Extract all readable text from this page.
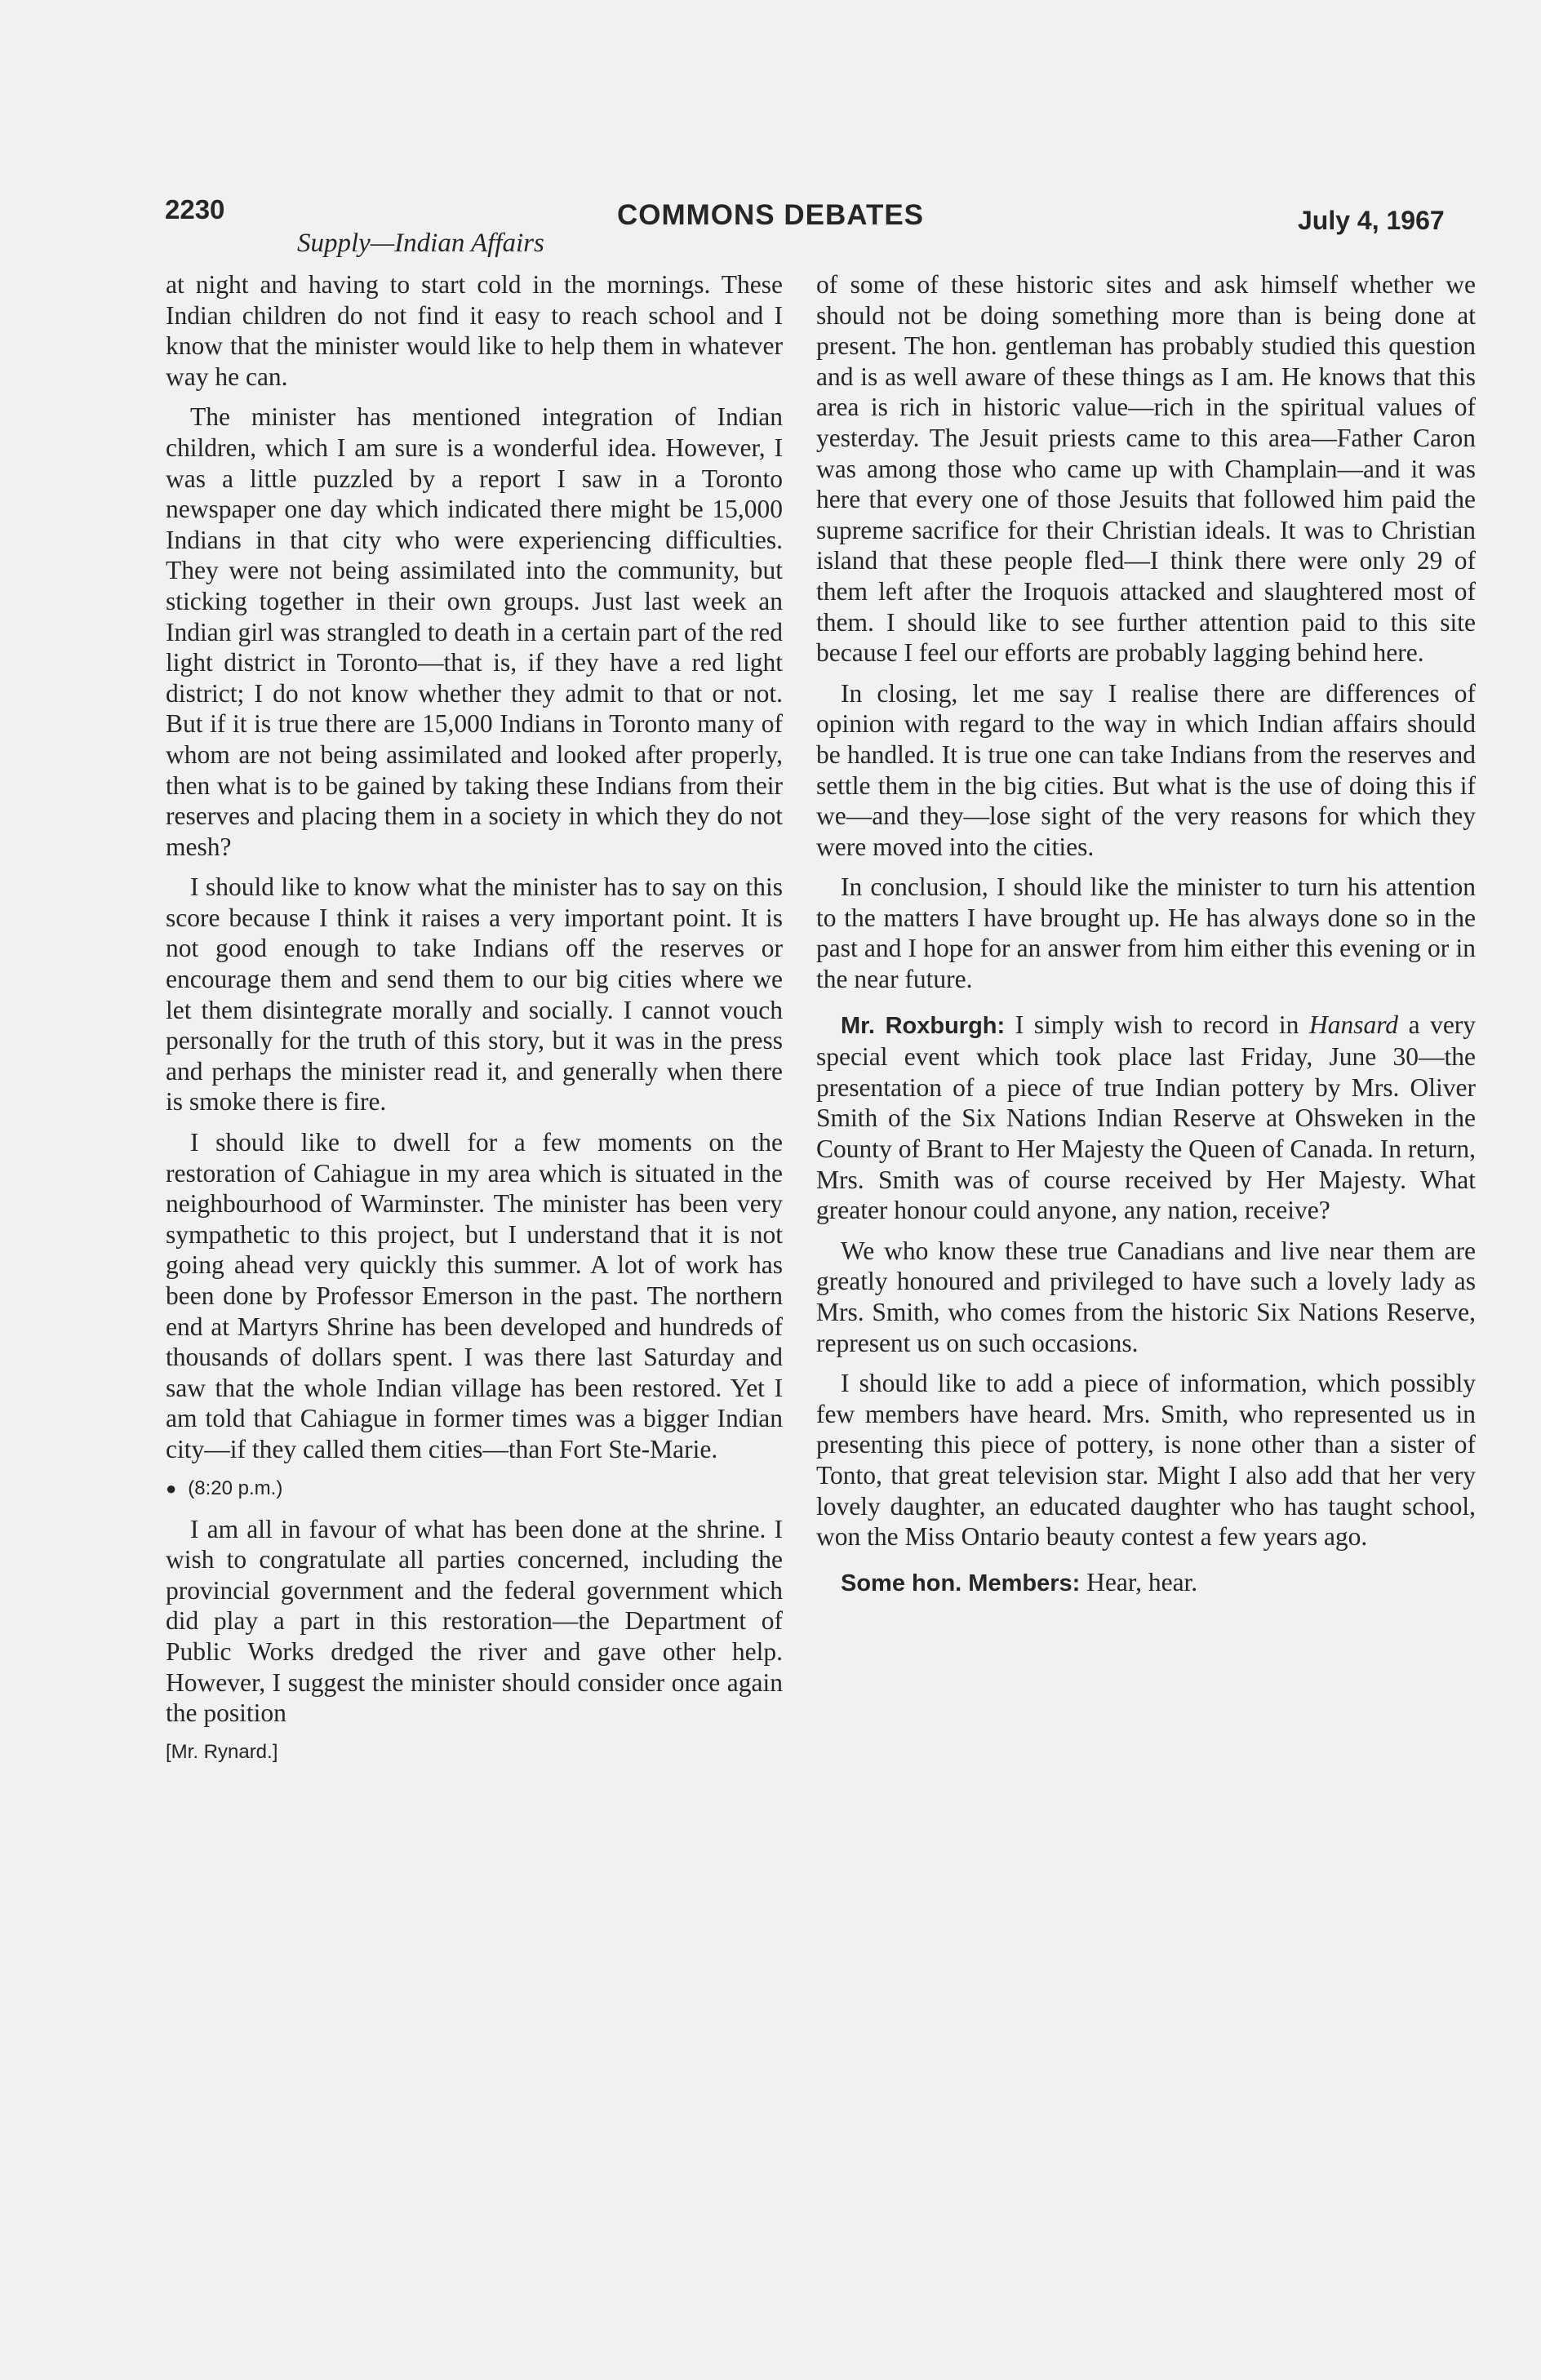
2230	COMMONS DEBATES	July 4, 1967
Supply—Indian Affairs

at night and having to start cold in the mornings. These Indian children do not find it easy to reach school and I know that the minister would like to help them in whatever way he can.

The minister has mentioned integration of Indian children, which I am sure is a wonderful idea. However, I was a little puzzled by a report I saw in a Toronto newspaper one day which indicated there might be 15,000 Indians in that city who were experiencing difficulties. They were not being assimilated into the community, but sticking together in their own groups. Just last week an Indian girl was strangled to death in a certain part of the red light district in Toronto—that is, if they have a red light district; I do not know whether they admit to that or not. But if it is true there are 15,000 Indians in Toronto many of whom are not being assimilated and looked after properly, then what is to be gained by taking these Indians from their reserves and placing them in a society in which they do not mesh?

I should like to know what the minister has to say on this score because I think it raises a very important point. It is not good enough to take Indians off the reserves or encourage them and send them to our big cities where we let them disintegrate morally and socially. I cannot vouch personally for the truth of this story, but it was in the press and perhaps the minister read it, and generally when there is smoke there is fire.

I should like to dwell for a few moments on the restoration of Cahiague in my area which is situated in the neighbourhood of Warminster. The minister has been very sympathetic to this project, but I understand that it is not going ahead very quickly this summer. A lot of work has been done by Professor Emerson in the past. The northern end at Martyrs Shrine has been developed and hundreds of thousands of dollars spent. I was there last Saturday and saw that the whole Indian village has been restored. Yet I am told that Cahiague in former times was a bigger Indian city—if they called them cities—than Fort Ste-Marie.

● (8:20 p.m.)

I am all in favour of what has been done at the shrine. I wish to congratulate all parties concerned, including the provincial government and the federal government which did play a part in this restoration—the Department of Public Works dredged the river and gave other help. However, I suggest the minister should consider once again the position

[Mr. Rynard.]

of some of these historic sites and ask himself whether we should not be doing something more than is being done at present. The hon. gentleman has probably studied this question and is as well aware of these things as I am. He knows that this area is rich in historic value—rich in the spiritual values of yesterday. The Jesuit priests came to this area—Father Caron was among those who came up with Champlain—and it was here that every one of those Jesuits that followed him paid the supreme sacrifice for their Christian ideals. It was to Christian island that these people fled—I think there were only 29 of them left after the Iroquois attacked and slaughtered most of them. I should like to see further attention paid to this site because I feel our efforts are probably lagging behind here.

In closing, let me say I realise there are differences of opinion with regard to the way in which Indian affairs should be handled. It is true one can take Indians from the reserves and settle them in the big cities. But what is the use of doing this if we—and they—lose sight of the very reasons for which they were moved into the cities.

In conclusion, I should like the minister to turn his attention to the matters I have brought up. He has always done so in the past and I hope for an answer from him either this evening or in the near future.

Mr. Roxburgh: I simply wish to record in Hansard a very special event which took place last Friday, June 30—the presentation of a piece of true Indian pottery by Mrs. Oliver Smith of the Six Nations Indian Reserve at Ohsweken in the County of Brant to Her Majesty the Queen of Canada. In return, Mrs. Smith was of course received by Her Majesty. What greater honour could anyone, any nation, receive?

We who know these true Canadians and live near them are greatly honoured and privileged to have such a lovely lady as Mrs. Smith, who comes from the historic Six Nations Reserve, represent us on such occasions.

I should like to add a piece of information, which possibly few members have heard. Mrs. Smith, who represented us in presenting this piece of pottery, is none other than a sister of Tonto, that great television star. Might I also add that her very lovely daughter, an educated daughter who has taught school, won the Miss Ontario beauty contest a few years ago.

Some hon. Members: Hear, hear.
